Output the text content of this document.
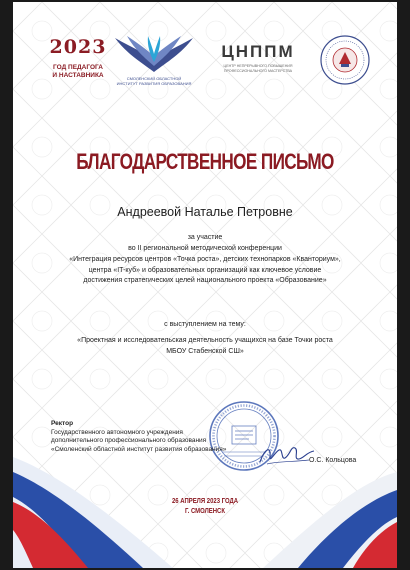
2023
ГОД ПЕДАГОГА
И НАСТАВНИКА	СМОЛЕНСКИЙ ОБЛАСТНОЙ
ИНСТИТУТ РАЗВИТИЯ ОБРАЗОВАНИЯ
ЦНППМ
ЦЕНТР НЕПРЕРЫВНОГО ПОВЫШЕНИЯ
ПРОФЕССИОНАЛЬНОГО МАСТЕРСТВА
БЛАГОДАРСТВЕННОЕ ПИСЬМО
Андреевой Наталье Петровне
за участие
во II региональной методической конференции
«Интеграция ресурсов центров «Точка роста», детских технопарков «Кванториум»,
центра «IT-куб» и образовательных организаций как ключевое условие
достижения стратегических целей национального проекта «Образование»
с выступлением на тему:
«Проектная и исследовательская деятельность учащихся на базе Точки роста
МБОУ Стабенской СШ»
Ректор
Государственного автономного учреждения
дополнительного профессионального образования
«Смоленский областной институт развития образования»
О.С. Кольцова
26 АПРЕЛЯ 2023 ГОДА
Г. СМОЛЕНСК
